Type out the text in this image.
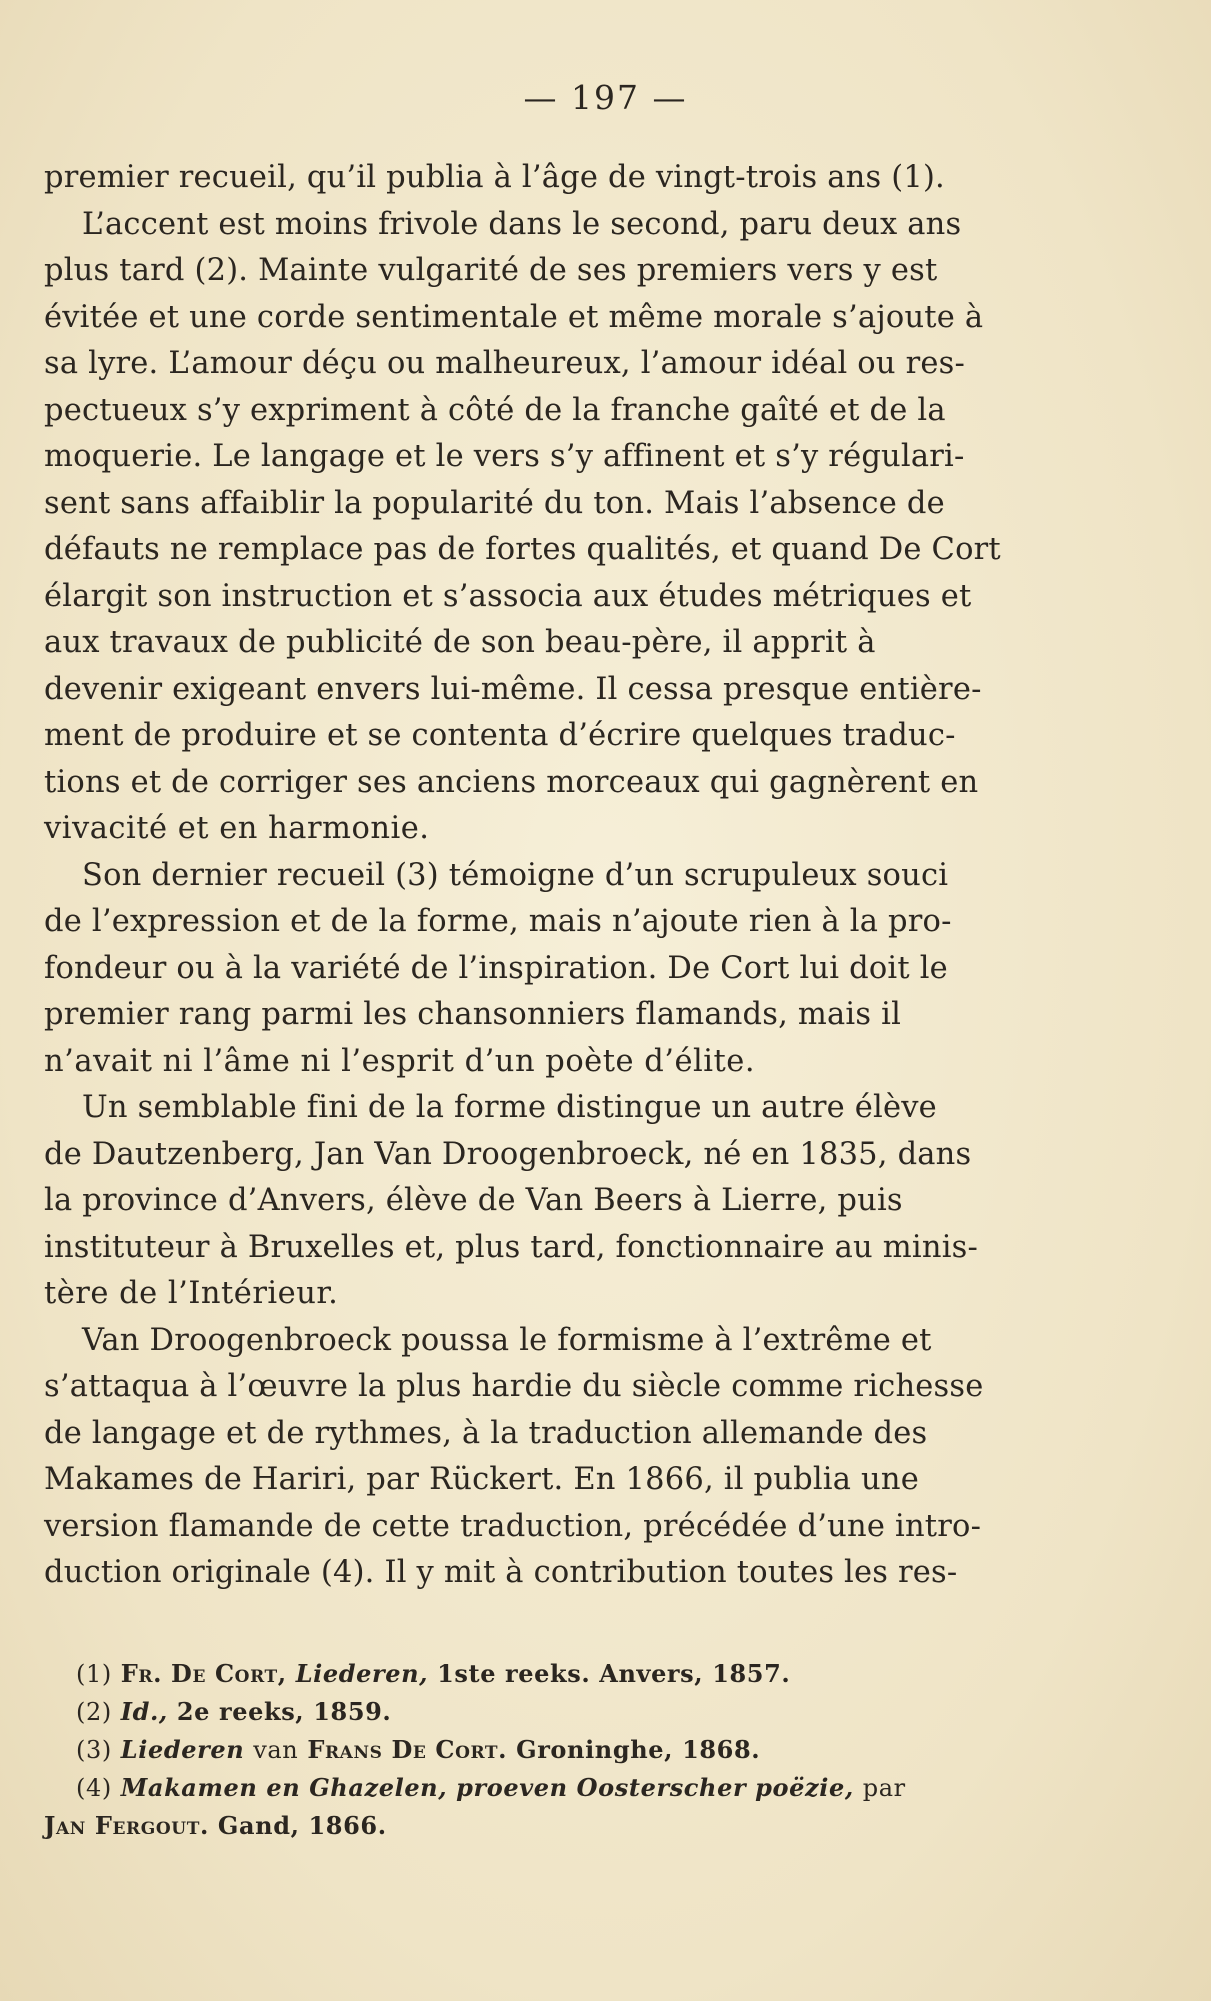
— 197 —
premier recueil, qu’il publia à l’âge de vingt-trois ans (1).
L’accent est moins frivole dans le second, paru deux ans
plus tard (2). Mainte vulgarité de ses premiers vers y est
évitée et une corde sentimentale et même morale s’ajoute à
sa lyre. L’amour déçu ou malheureux, l’amour idéal ou res-
pectueux s’y expriment à côté de la franche gaîté et de la
moquerie. Le langage et le vers s’y affinent et s’y régulari-
sent sans affaiblir la popularité du ton. Mais l’absence de
défauts ne remplace pas de fortes qualités, et quand De Cort
élargit son instruction et s’associa aux études métriques et
aux travaux de publicité de son beau-père, il apprit à
devenir exigeant envers lui-même. Il cessa presque entière-
ment de produire et se contenta d’écrire quelques traduc-
tions et de corriger ses anciens morceaux qui gagnèrent en
vivacité et en harmonie.
Son dernier recueil (3) témoigne d’un scrupuleux souci
de l’expression et de la forme, mais n’ajoute rien à la pro-
fondeur ou à la variété de l’inspiration. De Cort lui doit le
premier rang parmi les chansonniers flamands, mais il
n’avait ni l’âme ni l’esprit d’un poète d’élite.
Un semblable fini de la forme distingue un autre élève
de Dautzenberg, Jan Van Droogenbroeck, né en 1835, dans
la province d’Anvers, élève de Van Beers à Lierre, puis
instituteur à Bruxelles et, plus tard, fonctionnaire au minis-
tère de l’Intérieur.
Van Droogenbroeck poussa le formisme à l’extrême et
s’attaqua à l’œuvre la plus hardie du siècle comme richesse
de langage et de rythmes, à la traduction allemande des
Makames de Hariri, par Rückert. En 1866, il publia une
version flamande de cette traduction, précédée d’une intro-
duction originale (4). Il y mit à contribution toutes les res-
(1) Fr. De Cort, Liederen, 1ste reeks. Anvers, 1857.
(2) Id., 2e reeks, 1859.
(3) Liederen van Frans De Cort. Groninghe, 1868.
(4) Makamen en Ghazelen, proeven Oosterscher poëzie, par
Jan Fergout. Gand, 1866.
